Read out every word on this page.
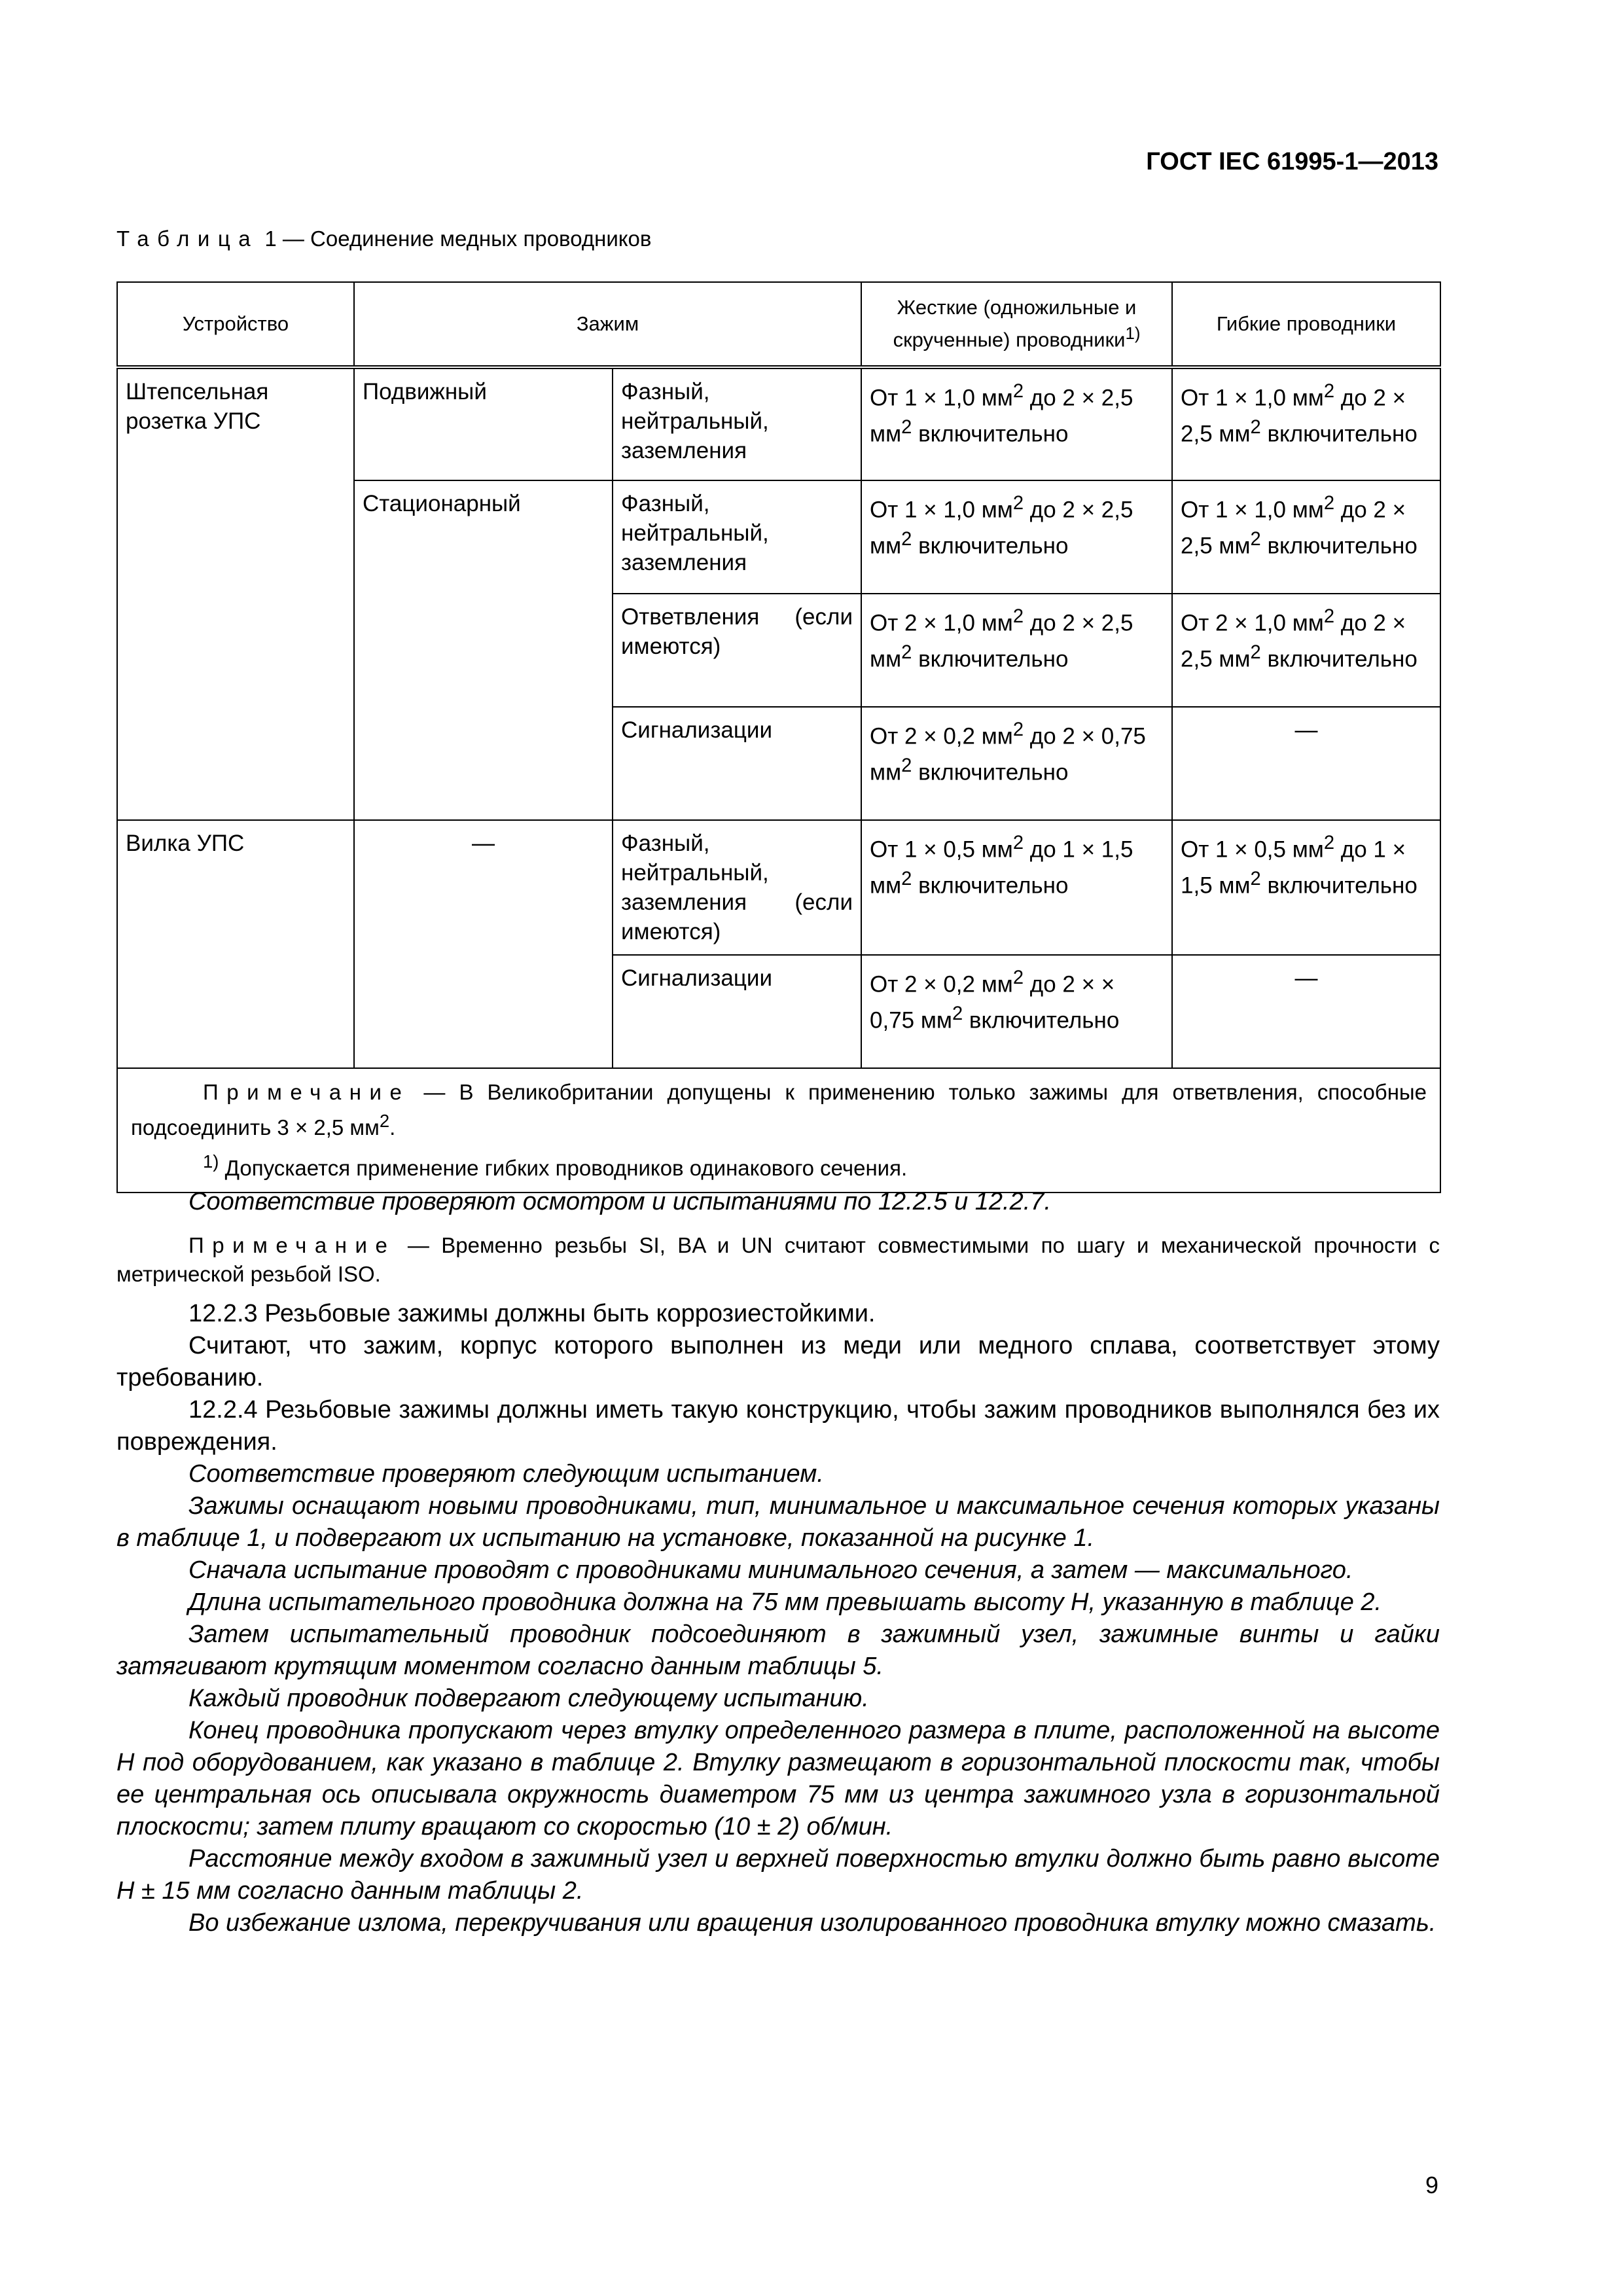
ГОСТ IEC 61995-1—2013
Таблица 1 — Соединение медных проводников
Устройство	Зажим		Жесткие (одножильные и скрученные) проводники$^{1)}$	Гибкие проводники
Штепсельная розетка УПС	Подвижный	Фазный, нейтральный, заземления	От 1 × 1,0 $мм^2$ до 2 × 2,5 $мм^2$ включительно	От 1 × 1,0 $мм^2$ до 2 × 2,5 $мм^2$ включительно
	Стационарный	Фазный, нейтральный, заземления	От 1 × 1,0 $мм^2$ до 2 × 2,5 $мм^2$ включительно	От 1 × 1,0 $мм^2$ до 2 × 2,5 $мм^2$ включительно
		Ответвления (если имеются)	От 2 × 1,0 $мм^2$ до 2 × 2,5 $мм^2$ включительно	От 2 × 1,0 $мм^2$ до 2 × 2,5 $мм^2$ включительно
		Сигнализации	От 2 × 0,2 $мм^2$ до 2 × 0,75 $мм^2$ включительно	—
Вилка УПС	—	Фазный, нейтральный, заземления (если имеются)	От 1 × 0,5 $мм^2$ до 1 × 1,5 $мм^2$ включительно	От 1 × 0,5 $мм^2$ до 1 × 1,5 $мм^2$ включительно
		Сигнализации	От 2 × 0,2 $мм^2$ до 2 × × 0,75 $мм^2$ включительно	—

Примечание — В Великобритании допущены к применению только зажимы для ответвления, способные подсоединить 3 × 2,5 $мм^2$.

$^{1)}$ Допускается применение гибких проводников одинакового сечения.				

Соответствие проверяют осмотром и испытаниями по 12.2.5 и 12.2.7.

Примечание — Временно резьбы SI, BA и UN считают совместимыми по шагу и механической прочности с метрической резьбой ISO.

12.2.3 Резьбовые зажимы должны быть коррозиестойкими.

Считают, что зажим, корпус которого выполнен из меди или медного сплава, соответствует этому требованию.

12.2.4 Резьбовые зажимы должны иметь такую конструкцию, чтобы зажим проводников выполнялся без их повреждения.

Соответствие проверяют следующим испытанием.

Зажимы оснащают новыми проводниками, тип, минимальное и максимальное сечения которых указаны в таблице 1, и подвергают их испытанию на установке, показанной на рисунке 1.

Сначала испытание проводят с проводниками минимального сечения, а затем — максимального.

Длина испытательного проводника должна на 75 мм превышать высоту H, указанную в таблице 2.

Затем испытательный проводник подсоединяют в зажимный узел, зажимные винты и гайки затягивают крутящим моментом согласно данным таблицы 5.

Каждый проводник подвергают следующему испытанию.

Конец проводника пропускают через втулку определенного размера в плите, расположенной на высоте H под оборудованием, как указано в таблице 2. Втулку размещают в горизонтальной плоскости так, чтобы ее центральная ось описывала окружность диаметром 75 мм из центра зажимного узла в горизонтальной плоскости; затем плиту вращают со скоростью (10 ± 2) об/мин.

Расстояние между входом в зажимный узел и верхней поверхностью втулки должно быть равно высоте H ± 15 мм согласно данным таблицы 2.

Во избежание излома, перекручивания или вращения изолированного проводника втулку можно смазать.

9
